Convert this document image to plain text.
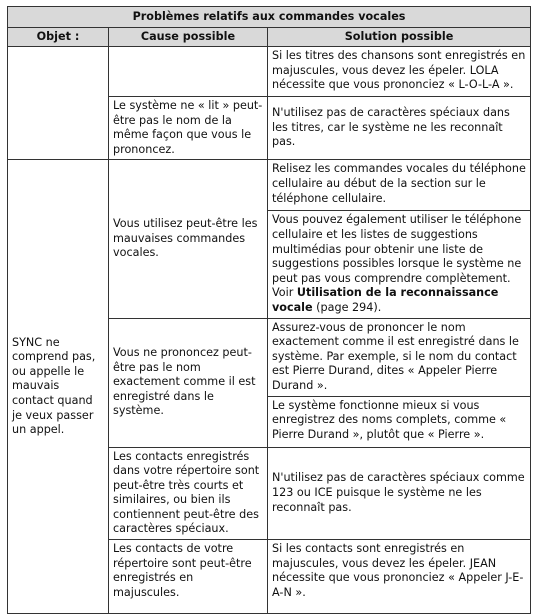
Problèmes relatifs aux commandes vocales		
Objet :	Cause possible	Solution possible
		Si les titres des chansons sont enregistrés en majuscules, vous devez les épeler. LOLA nécessite que vous prononciez « L-O-L-A ».
	Le système ne « lit » peut-être pas le nom de la même façon que vous le prononcez.	N'utilisez pas de caractères spéciaux dans les titres, car le système ne les reconnaît pas.
SYNC ne comprend pas, ou appelle le mauvais contact quand je veux passer un appel.	Vous utilisez peut-être les mauvaises commandes vocales.	Relisez les commandes vocales du téléphone cellulaire au début de la section sur le téléphone cellulaire.
		Vous pouvez également utiliser le téléphone cellulaire et les listes de suggestions multimédias pour obtenir une liste de suggestions possibles lorsque le système ne peut pas vous comprendre complètement. Voir Utilisation de la reconnaissance vocale (page 294).
	Vous ne prononcez peut-être pas le nom exactement comme il est enregistré dans le système.	Assurez-vous de prononcer le nom exactement comme il est enregistré dans le système. Par exemple, si le nom du contact est Pierre Durand, dites « Appeler Pierre Durand ».
		Le système fonctionne mieux si vous enregistrez des noms complets, comme « Pierre Durand », plutôt que « Pierre ».
	Les contacts enregistrés dans votre répertoire sont peut-être très courts et similaires, ou bien ils contiennent peut-être des caractères spéciaux.	N'utilisez pas de caractères spéciaux comme 123 ou ICE puisque le système ne les reconnaît pas.
	Les contacts de votre répertoire sont peut-être enregistrés en majuscules.	Si les contacts sont enregistrés en majuscules, vous devez les épeler. JEAN nécessite que vous prononciez « Appeler J-E-A-N ».
